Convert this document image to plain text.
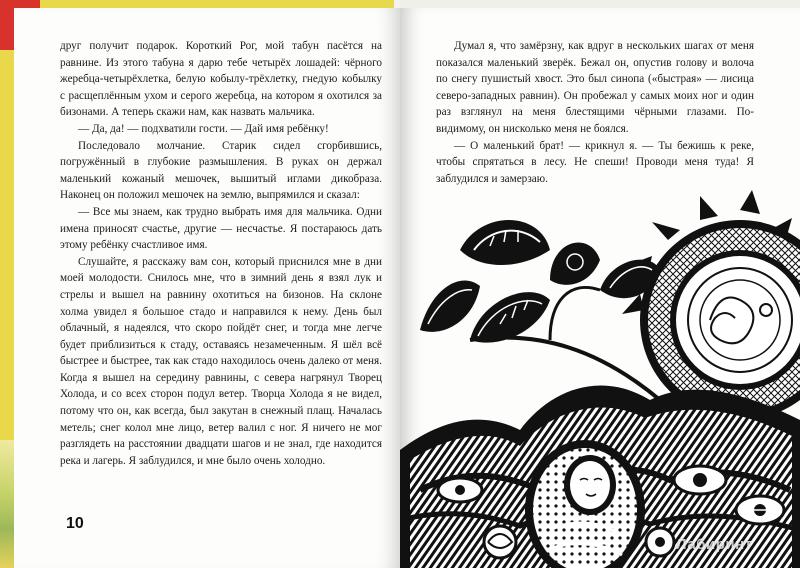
друг получит подарок. Короткий Рог, мой табун пасётся на равнине. Из этого табуна я дарю тебе четырёх лошадей: чёрного жеребца-четырёхлетка, белую кобылу-трёхлетку, гнедую кобылку с расщеплённым ухом и серого жеребца, на котором я охотился за бизонами. А теперь скажи нам, как назвать мальчика.

— Да, да! — подхватили гости. — Дай имя ребёнку!

Последовало молчание. Старик сидел сгорбившись, погружённый в глубокие размышления. В руках он держал маленький кожаный мешочек, вышитый иглами дикобраза. Наконец он положил мешочек на землю, выпрямился и сказал:

— Все мы знаем, как трудно выбрать имя для мальчика. Одни имена приносят счастье, другие — несчастье. Я постараюсь дать этому ребёнку счастливое имя.

Слушайте, я расскажу вам сон, который приснился мне в дни моей молодости. Снилось мне, что в зимний день я взял лук и стрелы и вышел на равнину охотиться на бизонов. На склоне холма увидел я большое стадо и направился к нему. День был облачный, я надеялся, что скоро пойдёт снег, и тогда мне легче будет приблизиться к стаду, оставаясь незамеченным. Я шёл всё быстрее и быстрее, так как стадо находилось очень далеко от меня. Когда я вышел на середину равнины, с севера нагрянул Творец Холода, и со всех сторон подул ветер. Творца Холода я не видел, потому что он, как всегда, был закутан в снежный плащ. Началась метель; снег колол мне лицо, ветер валил с ног. Я ничего не мог разглядеть на расстоянии двадцати шагов и не знал, где находится река и лагерь. Я заблудился, и мне было очень холодно.

10

Думал я, что замёрзну, как вдруг в нескольких шагах от меня показался маленький зверёк. Бежал он, опустив голову и волоча по снегу пушистый хвост. Это был синопа («быстрая» — лисица северо-западных равнин). Он пробежал у самых моих ног и один раз взглянул на меня блестящими чёрными глазами. По-видимому, он нисколько меня не боялся.

— О маленький брат! — крикнул я. — Ты бежишь к реке, чтобы спрятаться в лесу. Не спеши! Проводи меня туда! Я заблудился и замерзаю.

Лабиринт
